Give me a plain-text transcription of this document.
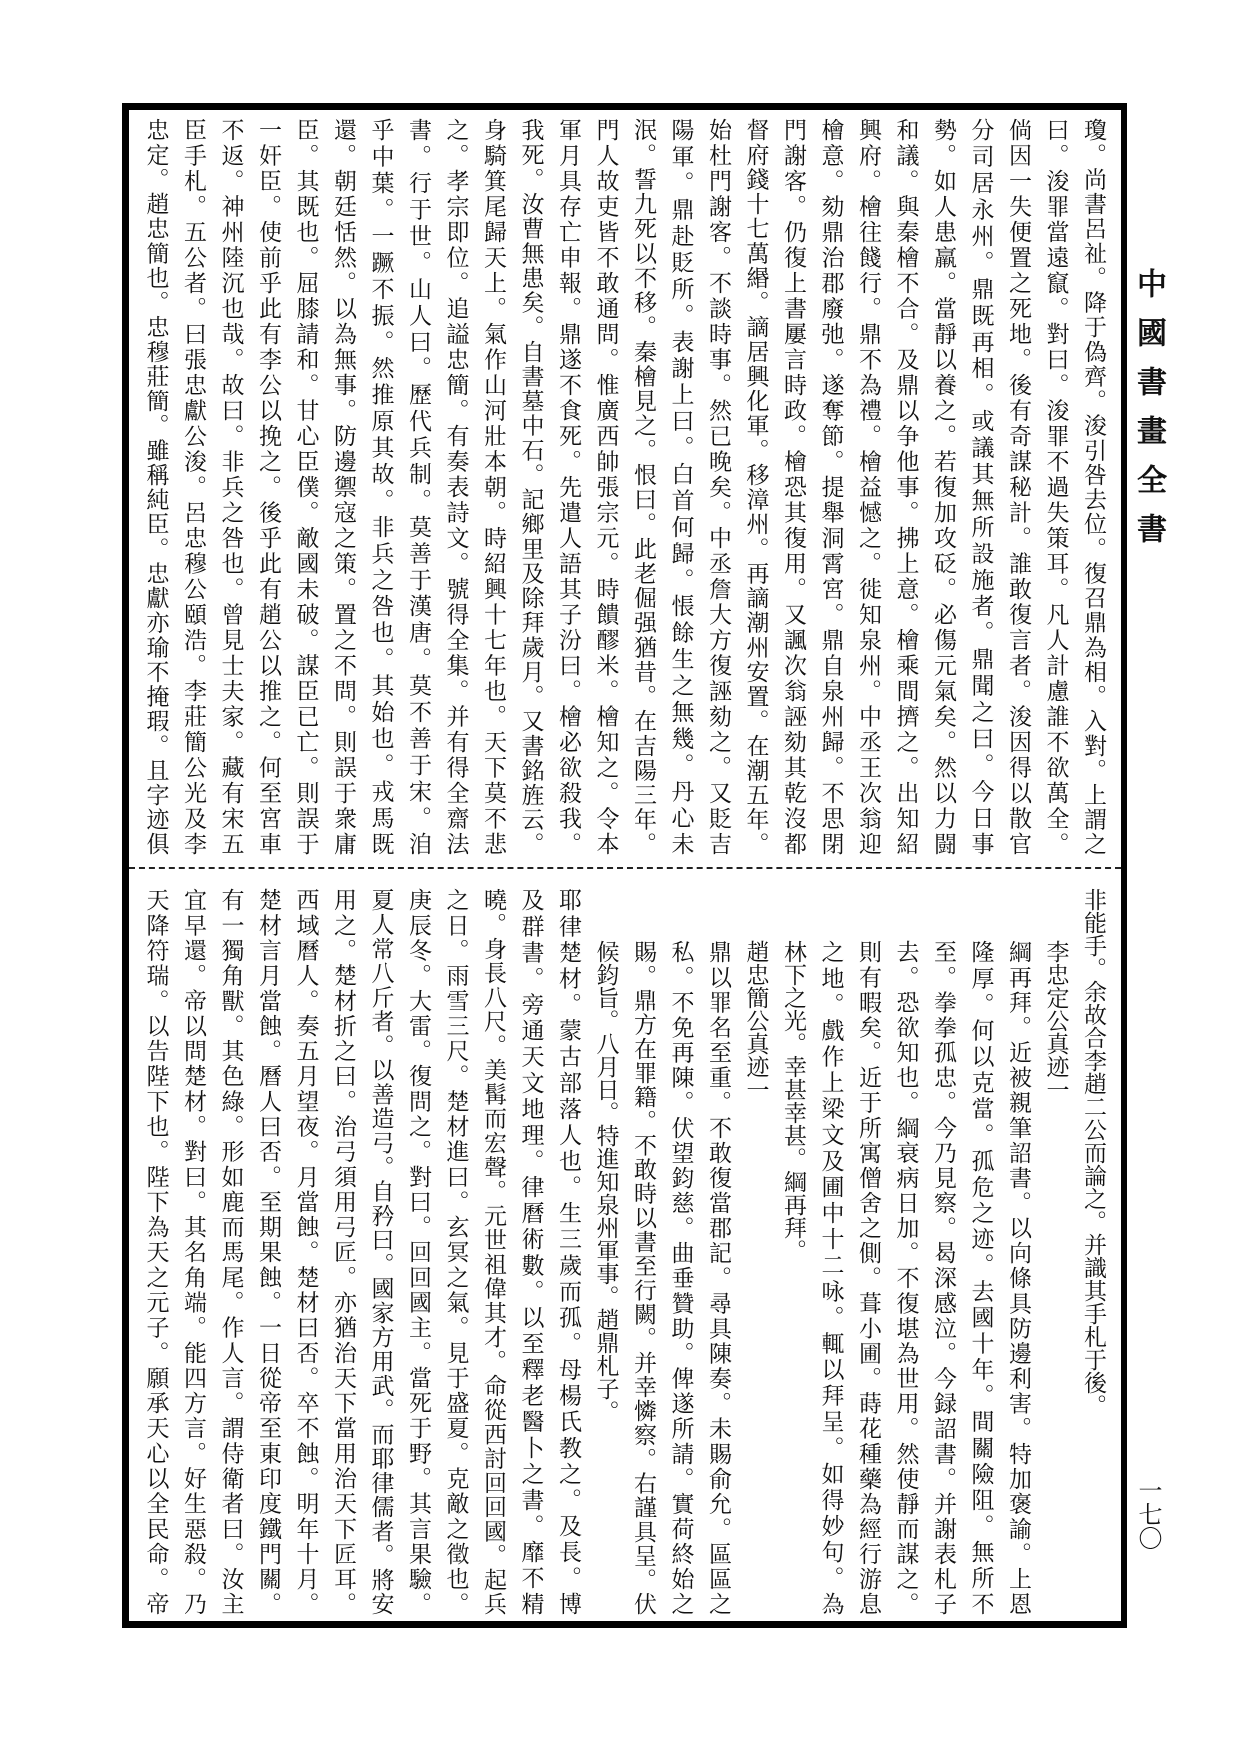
中國書畫全書
一七〇
瓊。尚書呂祉。降于偽齊。浚引咎去位。復召鼎為相。入對。上謂之
曰。浚罪當遠竄。對曰。浚罪不過失策耳。凡人計慮誰不欲萬全。
倘因一失便置之死地。後有奇謀秘計。誰敢復言者。浚因得以散官
分司居永州。鼎既再相。或議其無所設施者。鼎聞之曰。今日事
勢。如人患羸。當靜以養之。若復加攻砭。必傷元氣矣。然以力闘
和議。與秦檜不合。及鼎以争他事。拂上意。檜乘間擠之。出知紹
興府。檜往餞行。鼎不為禮。檜益憾之。徙知泉州。中丞王次翁迎
檜意。劾鼎治郡廢弛。遂奪節。提舉洞霄宮。鼎自泉州歸。不思閉
門謝客。仍復上書屢言時政。檜恐其復用。又諷次翁誣劾其乾沒都
督府錢十七萬緡。謫居興化軍。移漳州。再謫潮州安置。在潮五年。
始杜門謝客。不談時事。然已晚矣。中丞詹大方復誣劾之。又貶吉
陽軍。鼎赴貶所。表謝上曰。白首何歸。悵餘生之無幾。丹心未
泯。誓九死以不移。秦檜見之。恨曰。此老倔强猶昔。在吉陽三年。
門人故吏皆不敢通問。惟廣西帥張宗元。時饋醪米。檜知之。令本
軍月具存亡申報。鼎遂不食死。先遣人語其子汾曰。檜必欲殺我。
我死。汝曹無患矣。自書墓中石。記鄉里及除拜歲月。又書銘旌云。
身騎箕尾歸天上。氣作山河壯本朝。時紹興十七年也。天下莫不悲
之。孝宗即位。追謚忠簡。有奏表詩文。號得全集。并有得全齋法
書。行于世。山人曰。歷代兵制。莫善于漢唐。莫不善于宋。洎
乎中葉。一蹶不振。然推原其故。非兵之咎也。其始也。戎馬既
還。朝廷恬然。以為無事。防邊禦寇之策。置之不問。則誤于衆庸
臣。其既也。屈膝請和。甘心臣僕。敵國未破。謀臣已亡。則誤于
一奸臣。使前乎此有李公以挽之。後乎此有趙公以推之。何至宮車
不返。神州陸沉也哉。故曰。非兵之咎也。曾見士夫家。藏有宋五
臣手札。五公者。曰張忠獻公浚。呂忠穆公頤浩。李莊簡公光及李
忠定。趙忠簡也。忠穆莊簡。雖稱純臣。忠獻亦瑜不掩瑕。且字迹俱
非能手。余故合李趙二公而論之。并識其手札于後。
李忠定公真迹一
綱再拜。近被親筆詔書。以向條具防邊利害。特加褒諭。上恩
隆厚。何以克當。孤危之迹。去國十年。間關險阻。無所不
至。拳拳孤忠。今乃見察。曷深感泣。今録詔書。并謝表札子
去。恐欲知也。綱衰病日加。不復堪為世用。然使靜而謀之。
則有暇矣。近于所寓僧舍之側。葺小圃。蒔花種藥為經行游息
之地。戲作上梁文及圃中十二咏。輒以拜呈。如得妙句。為
林下之光。幸甚幸甚。綱再拜。
趙忠簡公真迹一
鼎以罪名至重。不敢復當郡記。尋具陳奏。未賜俞允。區區之
私。不免再陳。伏望鈞慈。曲垂贊助。俾遂所請。實荷終始之
賜。鼎方在罪籍。不敢時以書至行闕。并幸憐察。右謹具呈。伏
候鈞旨。八月日。特進知泉州軍事。趙鼎札子。
耶律楚材。蒙古部落人也。生三歲而孤。母楊氏教之。及長。博
及群書。旁通天文地理。律曆術數。以至釋老醫卜之書。靡不精
曉。身長八尺。美髯而宏聲。元世祖偉其才。命從西討回回國。起兵
之日。雨雪三尺。楚材進曰。玄冥之氣。見于盛夏。克敵之徵也。
庚辰冬。大雷。復問之。對曰。回回國主。當死于野。其言果驗。
夏人常八斤者。以善造弓。自矜曰。國家方用武。而耶律儒者。將安
用之。楚材折之曰。治弓須用弓匠。亦猶治天下當用治天下匠耳。
西域曆人。奏五月望夜。月當蝕。楚材曰否。卒不蝕。明年十月。
楚材言月當蝕。曆人曰否。至期果蝕。一日從帝至東印度鐵門關。
有一獨角獸。其色綠。形如鹿而馬尾。作人言。謂侍衛者曰。汝主
宜早還。帝以問楚材。對曰。其名角端。能四方言。好生惡殺。乃
天降符瑞。以告陛下也。陛下為天之元子。願承天心以全民命。帝
